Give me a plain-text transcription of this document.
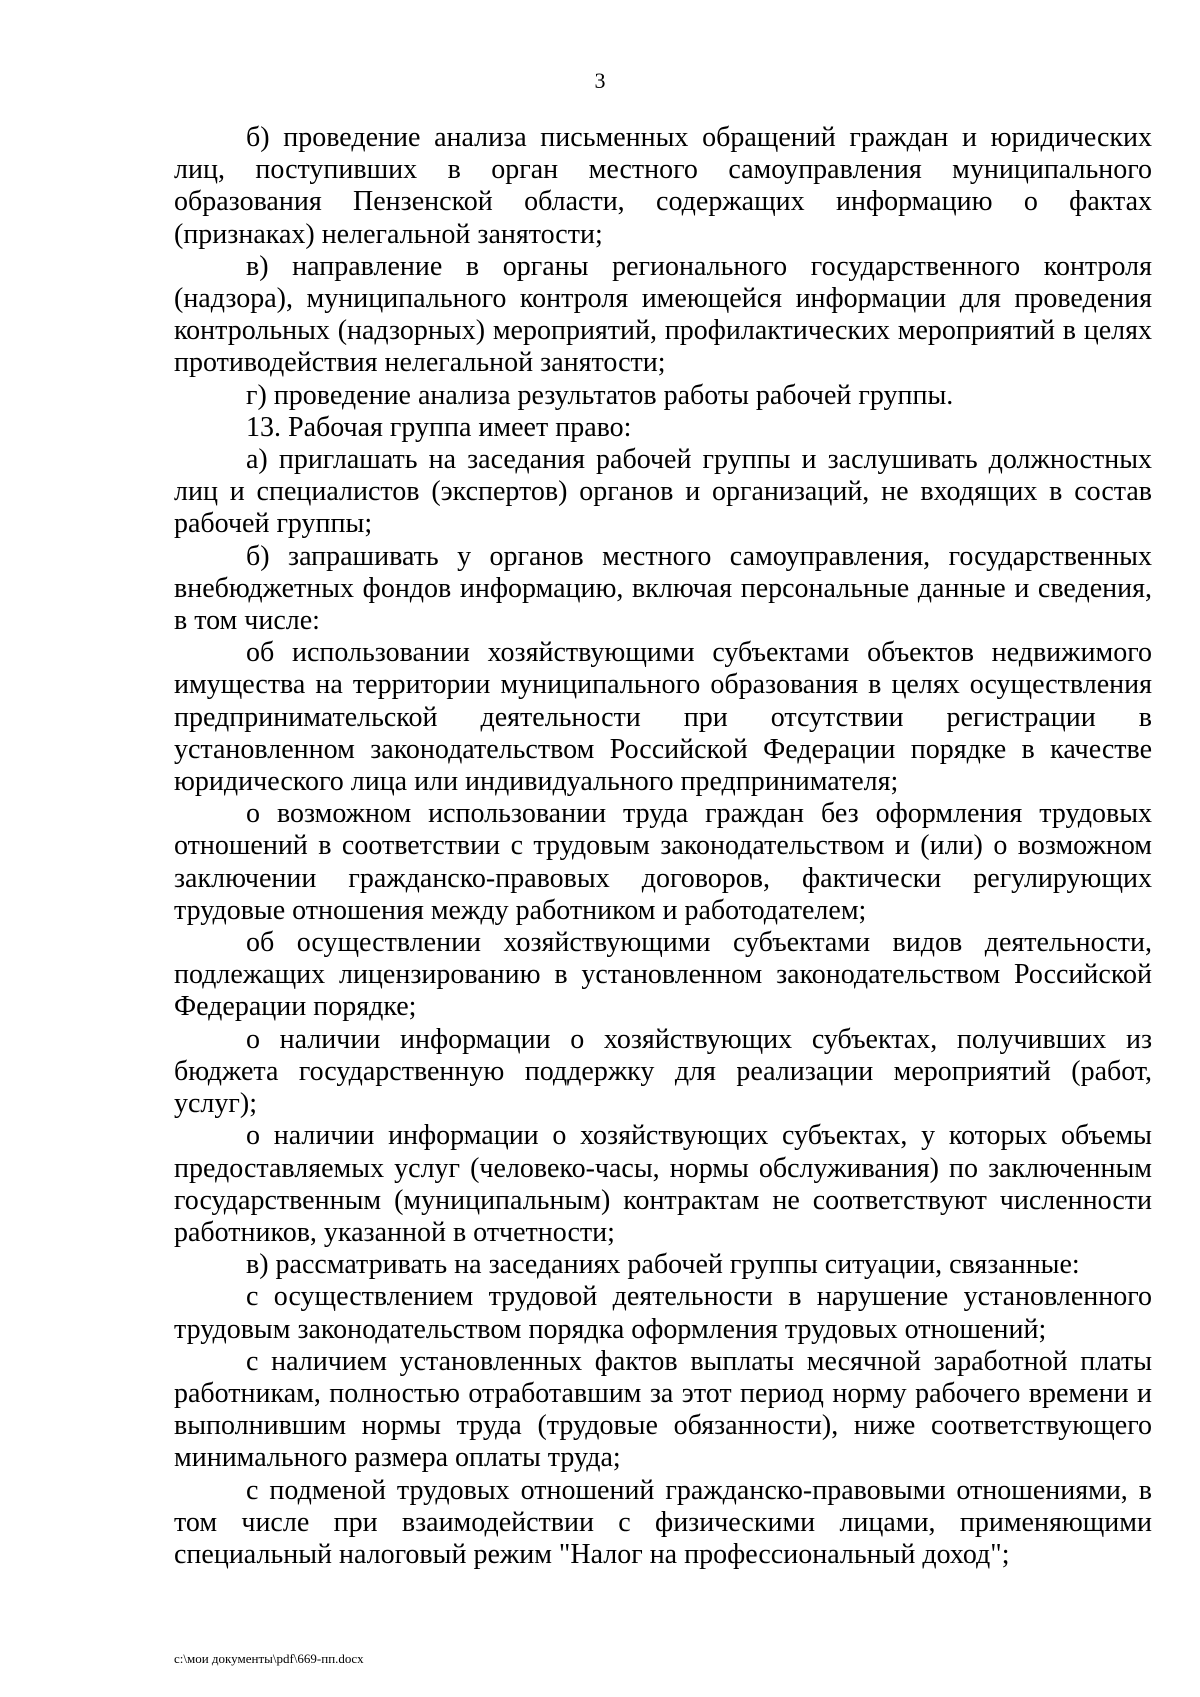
3

б) проведение анализа письменных обращений граждан и юридических лиц, поступивших в орган местного самоуправления муниципального образования Пензенской области, содержащих информацию о фактах (признаках) нелегальной занятости;

в) направление в органы регионального государственного контроля (надзора), муниципального контроля имеющейся информации для проведения контрольных (надзорных) мероприятий, профилактических мероприятий в целях противодействия нелегальной занятости;

г) проведение анализа результатов работы рабочей группы.

13. Рабочая группа имеет право:

а) приглашать на заседания рабочей группы и заслушивать должностных лиц и специалистов (экспертов) органов и организаций, не входящих в состав рабочей группы;

б) запрашивать у органов местного самоуправления, государственных внебюджетных фондов информацию, включая персональные данные и сведения, в том числе:

об использовании хозяйствующими субъектами объектов недвижимого имущества на территории муниципального образования в целях осуществления предпринимательской деятельности при отсутствии регистрации в установленном законодательством Российской Федерации порядке в качестве юридического лица или индивидуального предпринимателя;

о возможном использовании труда граждан без оформления трудовых отношений в соответствии с трудовым законодательством и (или) о возможном заключении гражданско-правовых договоров, фактически регулирующих трудовые отношения между работником и работодателем;

об осуществлении хозяйствующими субъектами видов деятельности, подлежащих лицензированию в установленном законодательством Российской Федерации порядке;

о наличии информации о хозяйствующих субъектах, получивших из бюджета государственную поддержку для реализации мероприятий (работ, услуг);

о наличии информации о хозяйствующих субъектах, у которых объемы предоставляемых услуг (человеко-часы, нормы обслуживания) по заключенным государственным (муниципальным) контрактам не соответствуют численности работников, указанной в отчетности;

в) рассматривать на заседаниях рабочей группы ситуации, связанные:

с осуществлением трудовой деятельности в нарушение установленного трудовым законодательством порядка оформления трудовых отношений;

с наличием установленных фактов выплаты месячной заработной платы работникам, полностью отработавшим за этот период норму рабочего времени и выполнившим нормы труда (трудовые обязанности), ниже соответствующего минимального размера оплаты труда;

с подменой трудовых отношений гражданско-правовыми отношениями, в том числе при взаимодействии с физическими лицами, применяющими специальный налоговый режим "Налог на профессиональный доход";

c:\мои документы\pdf\669-пп.docx
